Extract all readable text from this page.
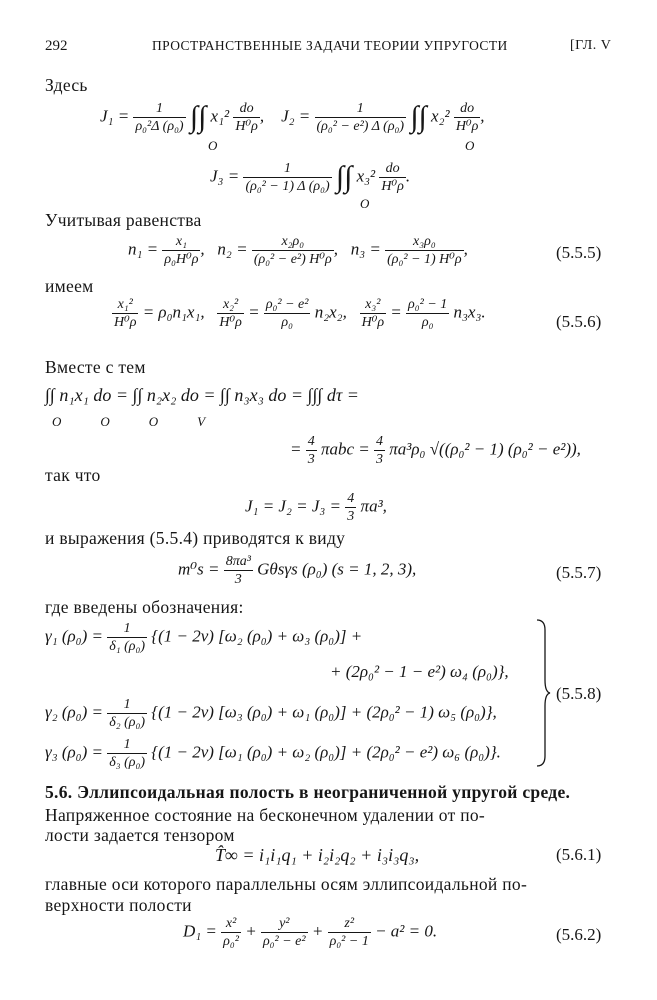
292	ПРОСТРАНСТВЕННЫЕ ЗАДАЧИ ТЕОРИИ УПРУГОСТИ	[ГЛ. V
Здесь
$J_1 = \frac{1}{\text{ρ₀²Δ (ρ₀)}}$ ∫∫ $x_1^2 \frac{do}{\text{H⁰ρ}}$ ,    $J_2 = \frac{1}{\text{(ρ₀² − e²) Δ (ρ₀)}}$ ∫∫ $x_2^2 \frac{do}{\text{H⁰ρ}}$ ,
O	O
$J_3 = \frac{1}{\text{(ρ₀² − 1) Δ (ρ₀)}}$ ∫∫ $x_3^2 \frac{do}{\text{H⁰ρ}}$ .
O
Учитывая равенства
$n_1 = \frac{\text{x₁}}{\text{ρ₀H⁰ρ}}$ ,   $n_2 = \frac{\text{x₂ρ₀}}{\text{(ρ₀² − e²) H⁰ρ}}$ ,   $n_3 = \frac{\text{x₃ρ₀}}{\text{(ρ₀² − 1) H⁰ρ}}$ ,	(5.5.5)
имеем
$\frac{\text{x₁²}}{\text{H⁰ρ}} = \rho_0n_1x_1$, $\frac{\text{x₂²}}{\text{H⁰ρ}} = \frac{\text{ρ₀² − e²}}{\text{ρ₀}} n_2x_2$, $\frac{\text{x₃²}}{\text{H⁰ρ}} = \frac{\text{ρ₀² − 1}}{\text{ρ₀}} n_3x_3$.
(5.5.6)
Вместе с тем
∫∫ n₁x₁ do = ∫∫ n₂x₂ do = ∫∫ n₃x₃ do = ∫∫∫ dτ =
O            O            O            V
= $\frac{4}{3}$ $\pi abc = \frac{4}{3} \pi a^3\rho_0$ √((ρ₀² − 1) (ρ₀² − e²)),
так что
$J_1 = J_2 = J_3 = \frac{4}{3} \pi a^3$,
и выражения (5.5.4) приводятся к виду
$m^0s = \frac{\text{8πa³}}{3}$ Gθsγs (ρ₀) (s = 1, 2, 3),	(5.5.7)
где введены обозначения:
γ₁ $(\rho_0) = \frac{1}{\text{δ₁ (ρ₀)}} \{(1 - 2\nu)$ [ω₂ (ρ₀) + ω₃ (ρ₀)] +
+ (2ρ₀² − 1 − e²) ω₄ (ρ₀)},
γ₂ $(\rho_0) = \frac{1}{\text{δ₂ (ρ₀)}} \{(1 - 2\nu)$ [ω₃ (ρ₀) + ω₁ (ρ₀)] + (2ρ₀² − 1) ω₅ (ρ₀)},
γ₃ $(\rho_0) = \frac{1}{\text{δ₃ (ρ₀)}} \{(1 - 2\nu)$ [ω₁ (ρ₀) + ω₂ (ρ₀)] + (2ρ₀² − e²) ω₆ (ρ₀)}.
(5.5.8)
5.6. Эллипсоидальная полость в неограниченной упругой среде.
Напряженное состояние на бесконечном удалении от по-
лости задается тензором
T̂∞ = i₁i₁q₁ + i₂i₂q₂ + i₃i₃q₃,	(5.6.1)
главные оси которого параллельны осям эллипсоидальной по-
верхности полости
$D_1 = \frac{\text{x²}}{\text{ρ₀²}} + \frac{\text{y²}}{\text{ρ₀² − e²}} + \frac{\text{z²}}{\text{ρ₀² − 1}} - a^2 = 0$.	(5.6.2)
